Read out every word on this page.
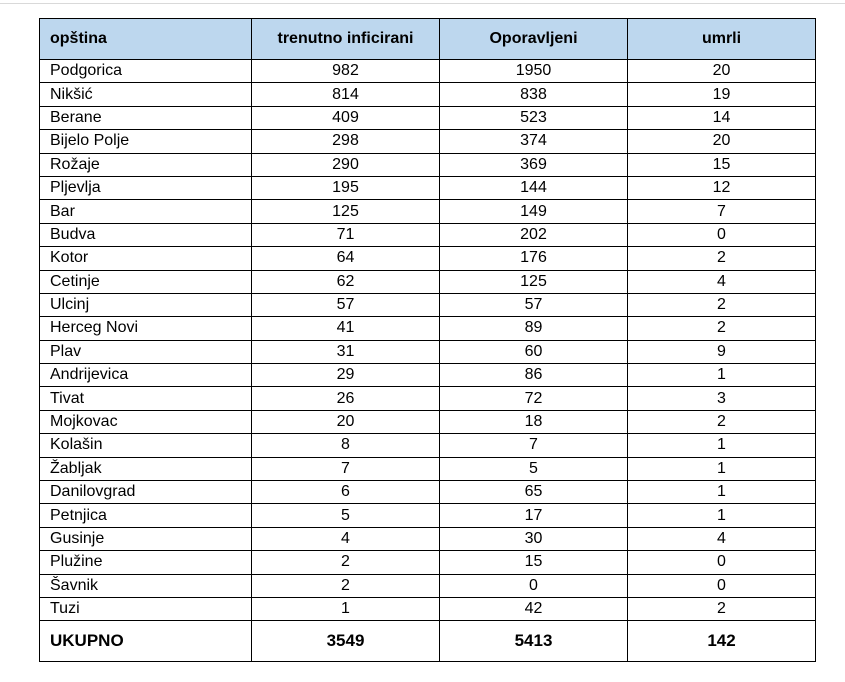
opština	trenutno inficirani	Oporavljeni	umrli
Podgorica	982	1950	20
Nikšić	814	838	19
Berane	409	523	14
Bijelo Polje	298	374	20
Rožaje	290	369	15
Pljevlja	195	144	12
Bar	125	149	7
Budva	71	202	0
Kotor	64	176	2
Cetinje	62	125	4
Ulcinj	57	57	2
Herceg Novi	41	89	2
Plav	31	60	9
Andrijevica	29	86	1
Tivat	26	72	3
Mojkovac	20	18	2
Kolašin	8	7	1
Žabljak	7	5	1
Danilovgrad	6	65	1
Petnjica	5	17	1
Gusinje	4	30	4
Plužine	2	15	0
Šavnik	2	0	0
Tuzi	1	42	2
UKUPNO	3549	5413	142
